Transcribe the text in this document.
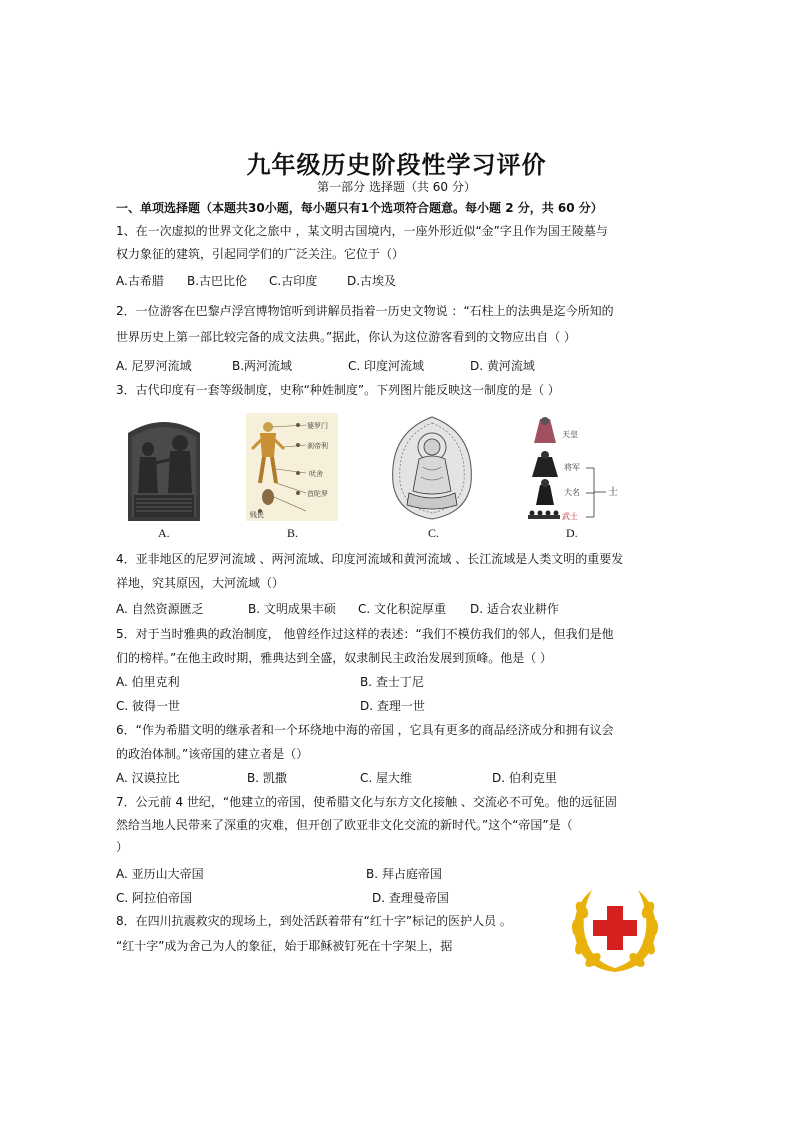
九年级历史阶段性学习评价
第一部分 选择题（共 60 分）
一、单项选择题（本题共30小题，每小题只有1个选项符合题意。每小题 2 分，共 60 分）
1、在一次虚拟的世界文化之旅中 ，某文明古国境内，一座外形近似“金”字且作为国王陵墓与
权力象征的建筑，引起同学们的广泛关注。它位于（）
A.古希腊 B.古巴比伦 C.古印度 D.古埃及
2．一位游客在巴黎卢浮宫博物馆听到讲解员指着一历史文物说 ：“石柱上的法典是迄今所知的
世界历史上第一部比较完备的成文法典。”据此，你认为这位游客看到的文物应出自（ ）
A. 尼罗河流域	B.两河流域	C. 印度河流域	D. 黄河流域
3．古代印度有一套等级制度，史称“种姓制度”。下列图片能反映这一制度的是（ ）
A.
婆罗门
刹帝利
吠舍
首陀罗
贱民
B.	C.
天皇
将军
大名
武士
士
D.
4．亚非地区的尼罗河流域 、两河流域、印度河流域和黄河流域 、长江流域是人类文明的重要发
祥地，究其原因，大河流域（）
A. 自然资源匮乏	B. 文明成果丰硕 C. 文化积淀厚重 D. 适合农业耕作
5．对于当时雅典的政治制度， 他曾经作过这样的表述：“我们不模仿我们的邻人，但我们是他
们的榜样。”在他主政时期，雅典达到全盛，奴隶制民主政治发展到顶峰。他是（ ）
A. 伯里克利	B. 查士丁尼
C. 彼得一世	D. 查理一世
6．“作为希腊文明的继承者和一个环绕地中海的帝国 ，它具有更多的商品经济成分和拥有议会
的政治体制。”该帝国的建立者是（）
A. 汉谟拉比	B. 凯撒	C. 屋大维	D. 伯利克里
7．公元前 4 世纪，“他建立的帝国，使希腊文化与东方文化接触 、交流必不可免。他的远征固
然给当地人民带来了深重的灾难，但开创了欧亚非文化交流的新时代。”这个“帝国”是（
）
A. 亚历山大帝国	B. 拜占庭帝国
C. 阿拉伯帝国	D. 查理曼帝国
8．在四川抗震救灾的现场上，到处活跃着带有“红十字”标记的医护人员 。
“红十字”成为舍己为人的象征，始于耶稣被钉死在十字架上，据
